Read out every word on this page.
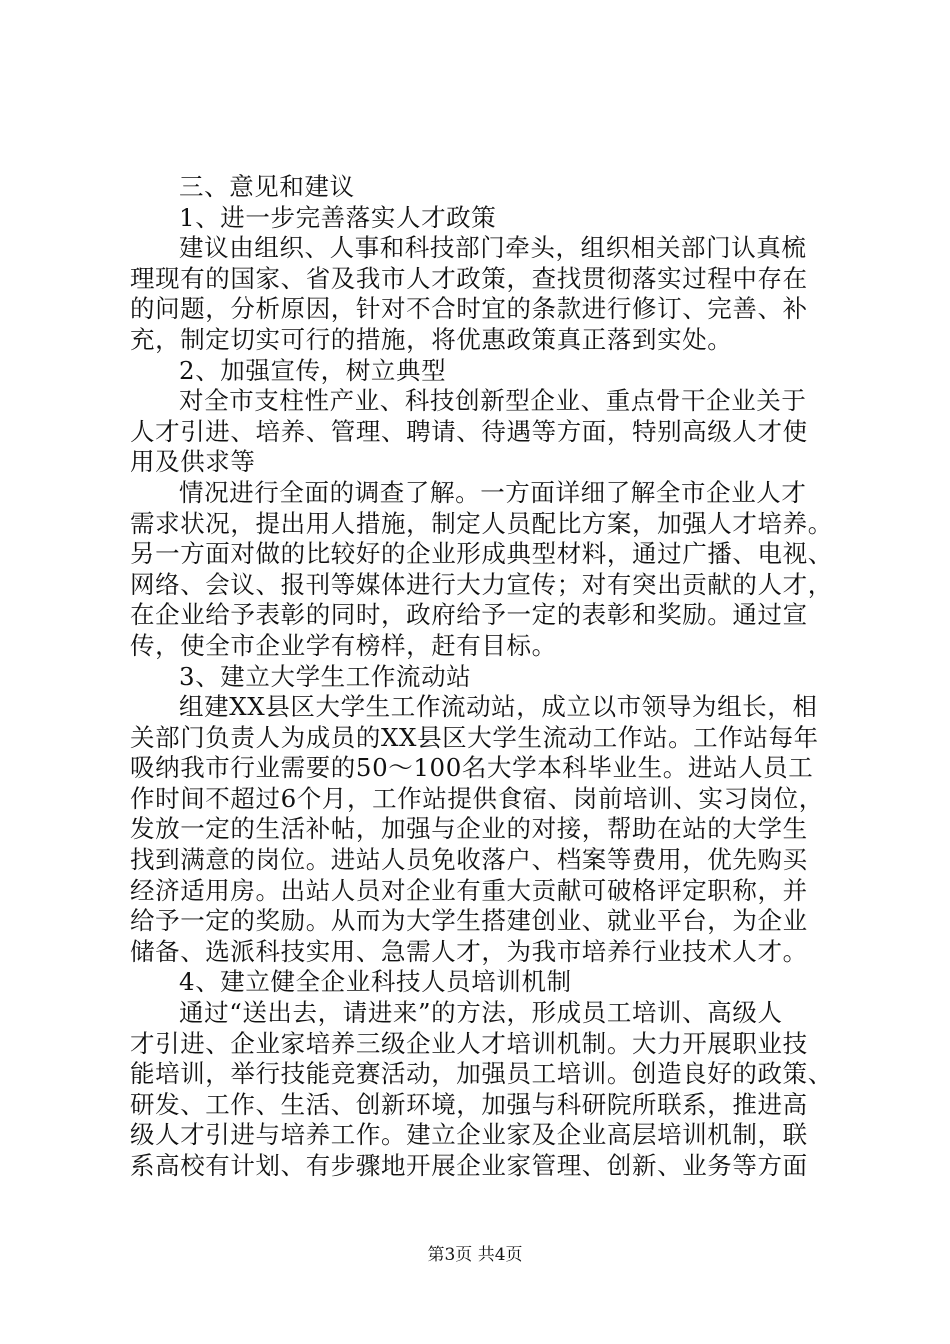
三、意见和建议
1、进一步完善落实人才政策
建议由组织、人事和科技部门牵头，组织相关部门认真梳
理现有的国家、省及我市人才政策，查找贯彻落实过程中存在
的问题，分析原因，针对不合时宜的条款进行修订、完善、补
充，制定切实可行的措施，将优惠政策真正落到实处。
2、加强宣传，树立典型
对全市支柱性产业、科技创新型企业、重点骨干企业关于
人才引进、培养、管理、聘请、待遇等方面，特别高级人才使
用及供求等
情况进行全面的调查了解。一方面详细了解全市企业人才
需求状况，提出用人措施，制定人员配比方案，加强人才培养。
另一方面对做的比较好的企业形成典型材料，通过广播、电视、
网络、会议、报刊等媒体进行大力宣传；对有突出贡献的人才，
在企业给予表彰的同时，政府给予一定的表彰和奖励。通过宣
传，使全市企业学有榜样，赶有目标。
3、建立大学生工作流动站
组建XX县区大学生工作流动站，成立以市领导为组长，相
关部门负责人为成员的XX县区大学生流动工作站。工作站每年
吸纳我市行业需要的50～100名大学本科毕业生。进站人员工
作时间不超过6个月，工作站提供食宿、岗前培训、实习岗位，
发放一定的生活补帖，加强与企业的对接，帮助在站的大学生
找到满意的岗位。进站人员免收落户、档案等费用，优先购买
经济适用房。出站人员对企业有重大贡献可破格评定职称，并
给予一定的奖励。从而为大学生搭建创业、就业平台，为企业
储备、选派科技实用、急需人才，为我市培养行业技术人才。
4、建立健全企业科技人员培训机制
通过“送出去，请进来”的方法，形成员工培训、高级人
才引进、企业家培养三级企业人才培训机制。大力开展职业技
能培训，举行技能竞赛活动，加强员工培训。创造良好的政策、
研发、工作、生活、创新环境，加强与科研院所联系，推进高
级人才引进与培养工作。建立企业家及企业高层培训机制，联
系高校有计划、有步骤地开展企业家管理、创新、业务等方面
第3页 共4页
